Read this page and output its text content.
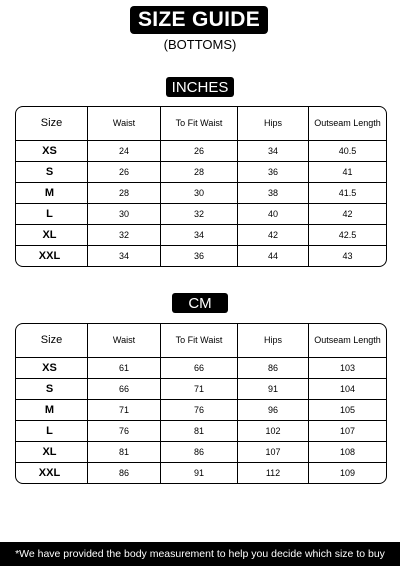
SIZE GUIDE
(BOTTOMS)
INCHES
Size	Waist	To Fit Waist	Hips	Outseam Length
XS	24	26	34	40.5
S	26	28	36	41
M	28	30	38	41.5
L	30	32	40	42
XL	32	34	42	42.5
XXL	34	36	44	43
CM
Size	Waist	To Fit Waist	Hips	Outseam Length
XS	61	66	86	103
S	66	71	91	104
M	71	76	96	105
L	76	81	102	107
XL	81	86	107	108
XXL	86	91	112	109
*We have provided the body measurement to help you decide which size to buy
